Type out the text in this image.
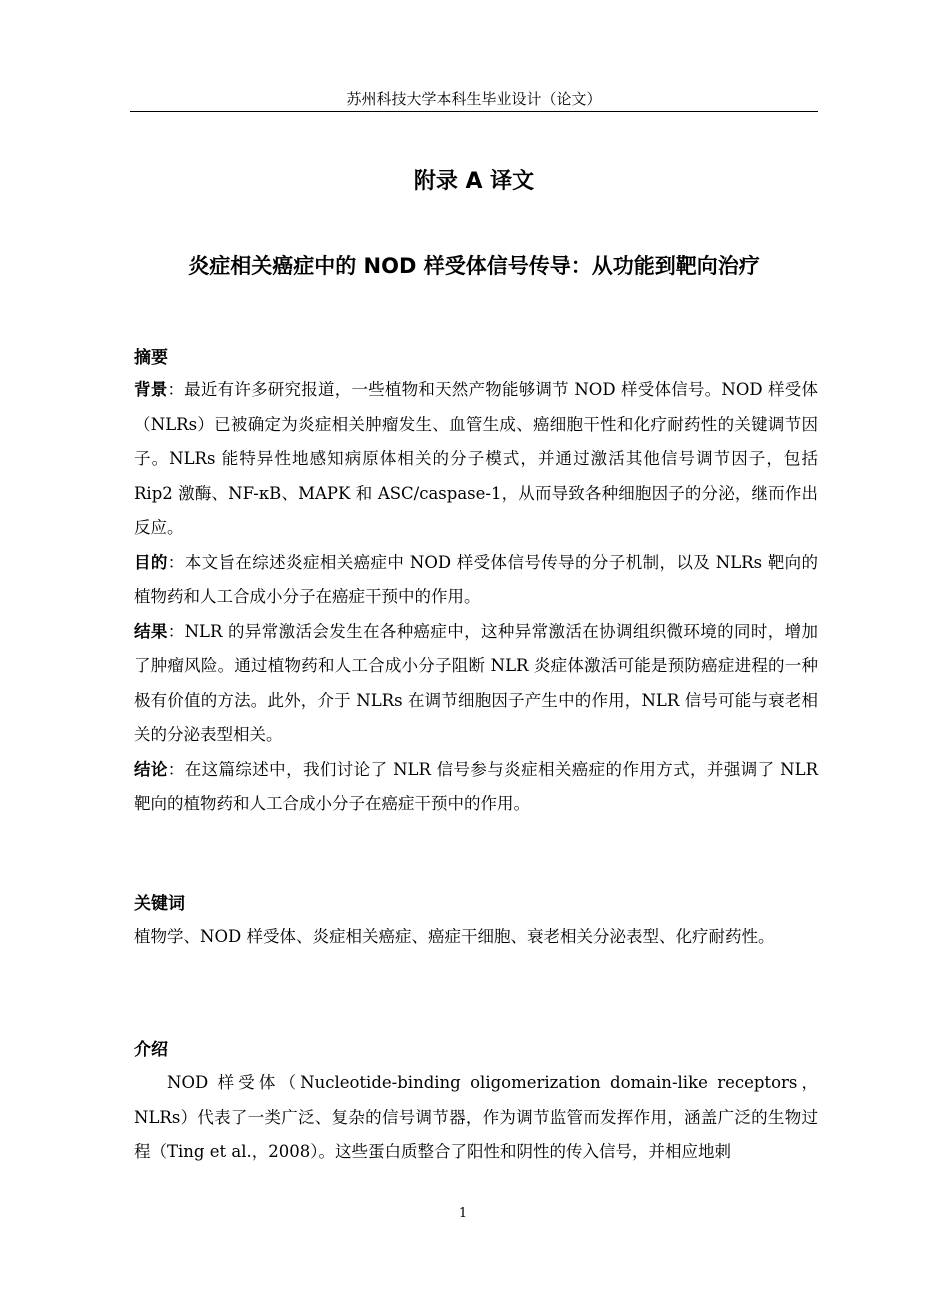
苏州科技大学本科生毕业设计（论文）
附录 A 译文
炎症相关癌症中的 NOD 样受体信号传导：从功能到靶向治疗
摘要

背景：最近有许多研究报道，一些植物和天然产物能够调节 NOD 样受体信号。NOD 样受体（NLRs）已被确定为炎症相关肿瘤发生、血管生成、癌细胞干性和化疗耐药性的关键调节因子。NLRs 能特异性地感知病原体相关的分子模式，并通过激活其他信号调节因子，包括 Rip2 激酶、NF-κB、MAPK 和 ASC/caspase-1，从而导致各种细胞因子的分泌，继而作出反应。

目的：本文旨在综述炎症相关癌症中 NOD 样受体信号传导的分子机制，以及 NLRs 靶向的植物药和人工合成小分子在癌症干预中的作用。

结果：NLR 的异常激活会发生在各种癌症中，这种异常激活在协调组织微环境的同时，增加了肿瘤风险。通过植物药和人工合成小分子阻断 NLR 炎症体激活可能是预防癌症进程的一种极有价值的方法。此外，介于 NLRs 在调节细胞因子产生中的作用，NLR 信号可能与衰老相关的分泌表型相关。

结论：在这篇综述中，我们讨论了 NLR 信号参与炎症相关癌症的作用方式，并强调了 NLR 靶向的植物药和人工合成小分子在癌症干预中的作用。

关键词

植物学、NOD 样受体、炎症相关癌症、癌症干细胞、衰老相关分泌表型、化疗耐药性。

介绍

NOD 样受体（Nucleotide-binding oligomerization domain-like receptors，NLRs）代表了一类广泛、复杂的信号调节器，作为调节监管而发挥作用，涵盖广泛的生物过程（Ting et al.，2008）。这些蛋白质整合了阳性和阴性的传入信号，并相应地刺

1
